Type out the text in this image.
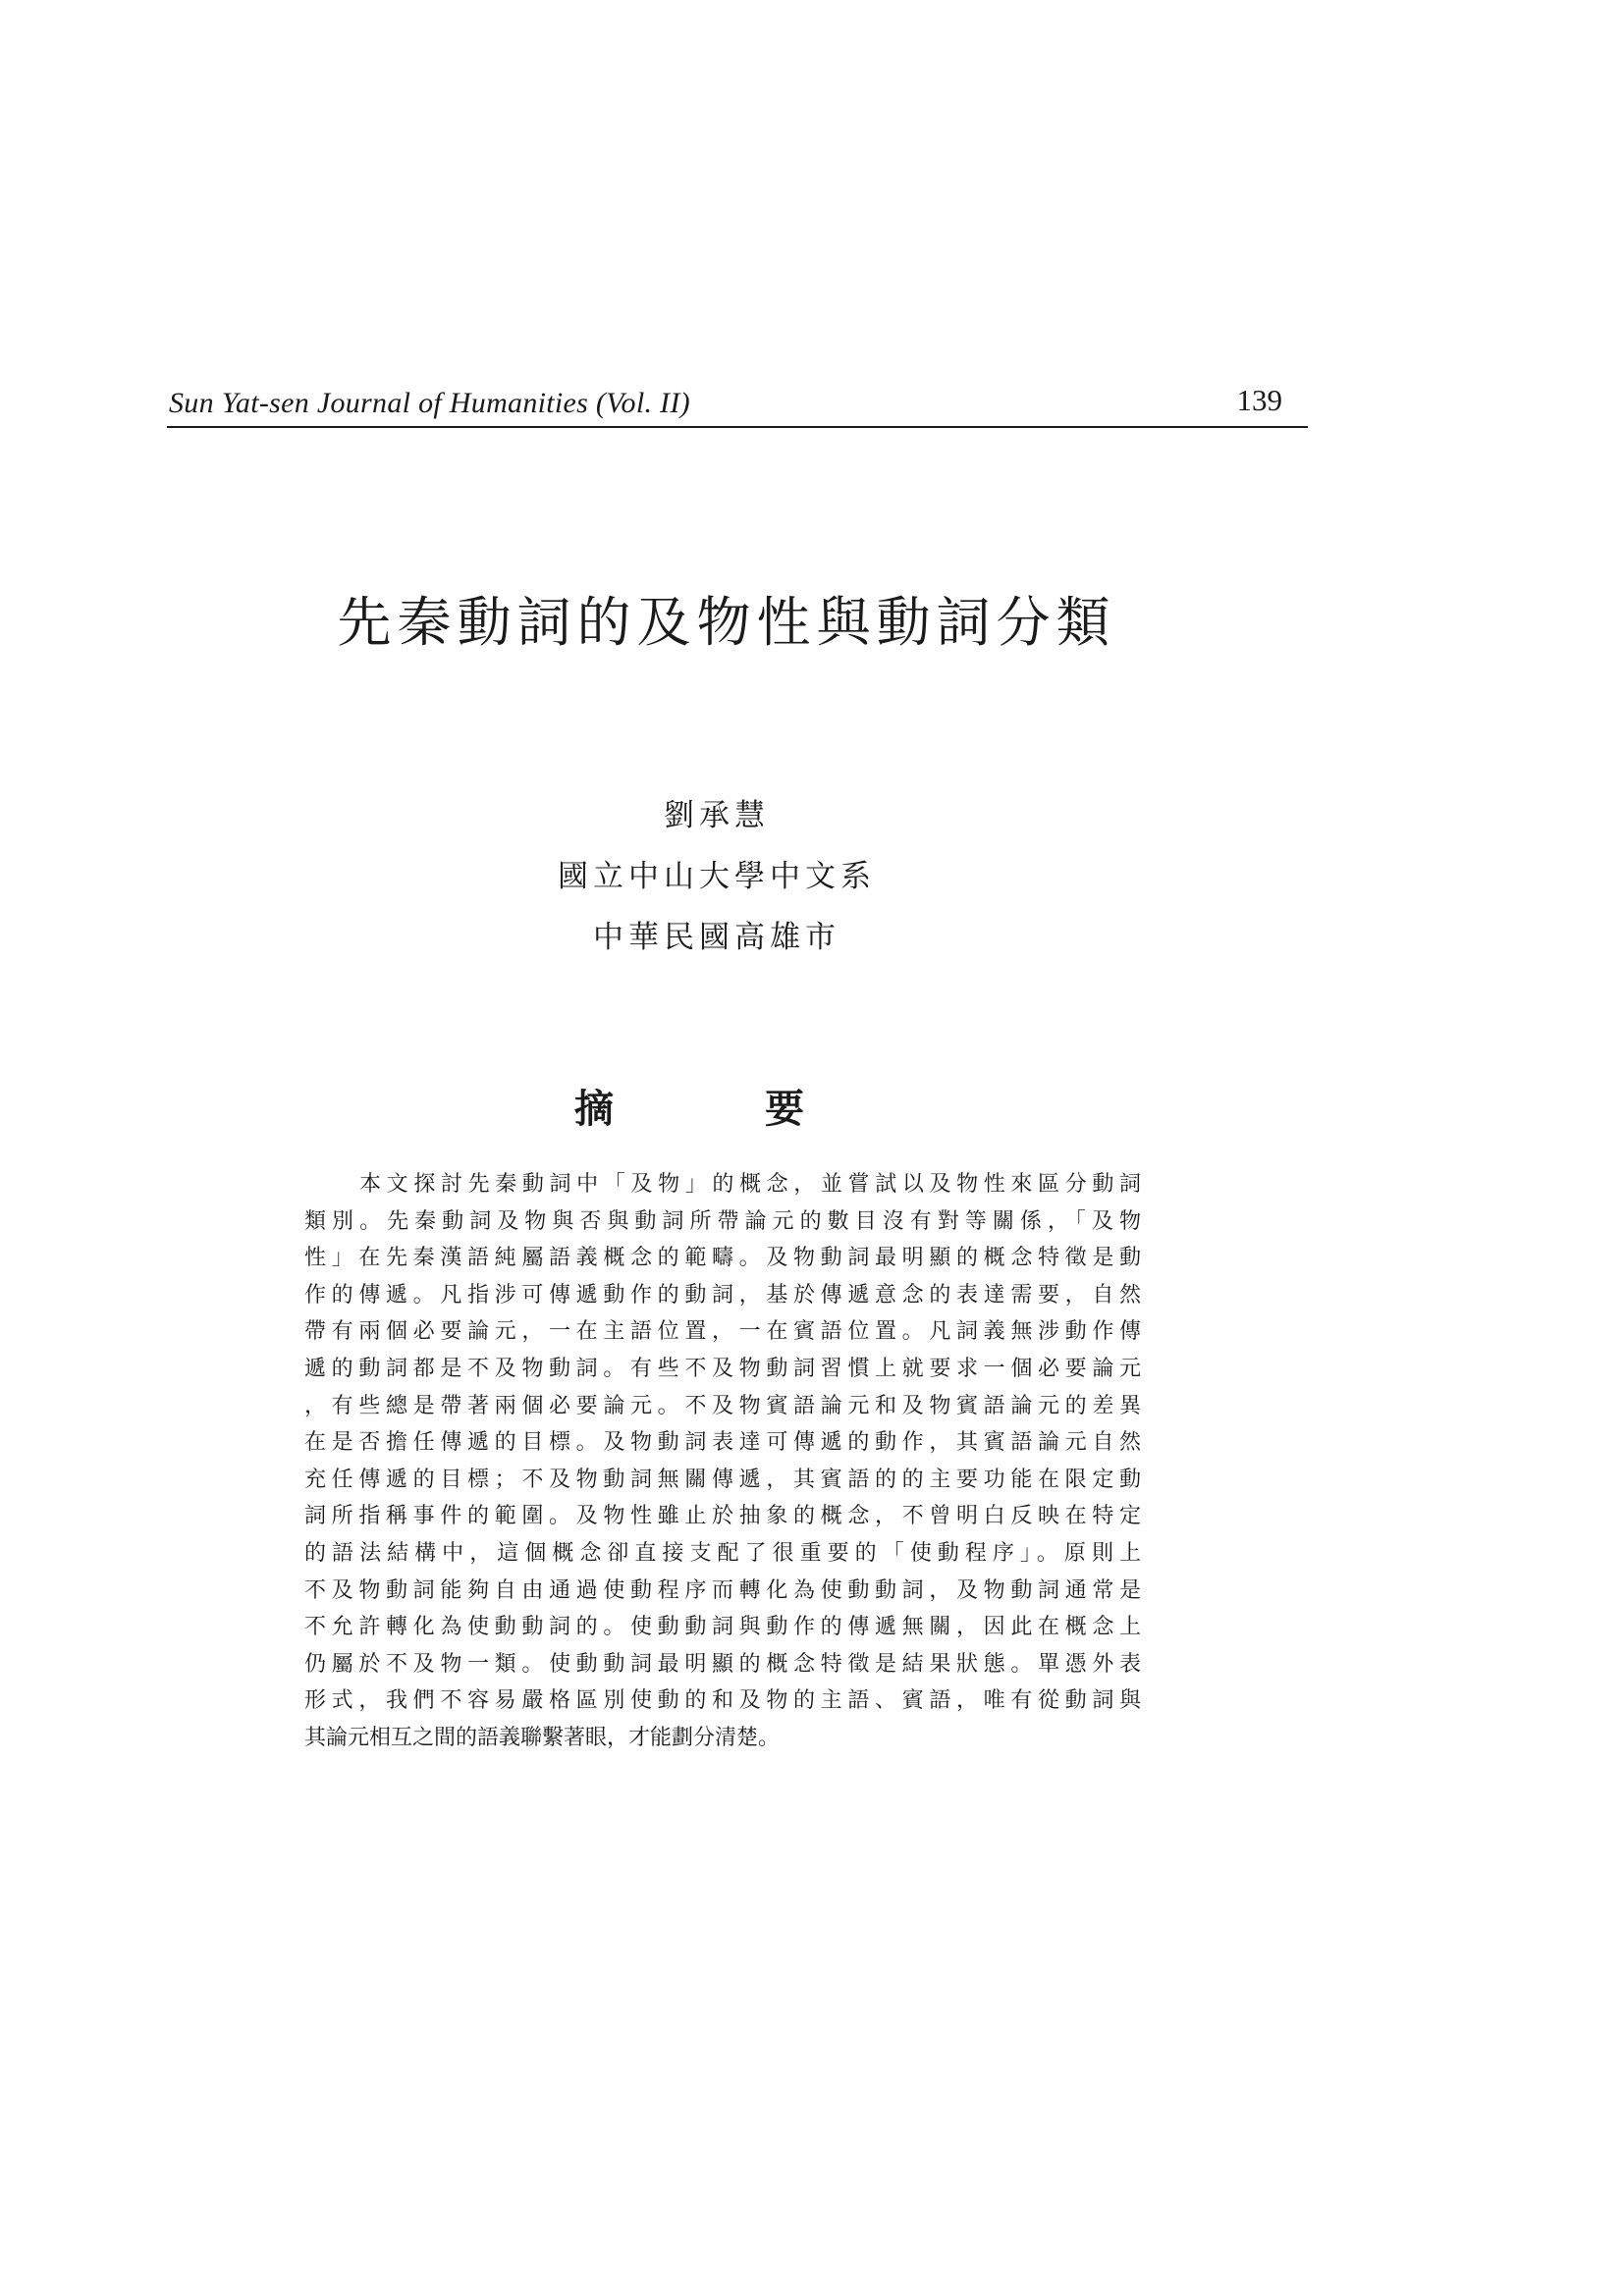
Sun Yat-sen Journal of Humanities (Vol. II)	139
先秦動詞的及物性與動詞分類
劉承慧
國立中山大學中文系
中華民國高雄市
摘 要
本文探討先秦動詞中「及物」的概念，並嘗試以及物性來區分動詞
類別。先秦動詞及物與否與動詞所帶論元的數目沒有對等關係，「及物
性」在先秦漢語純屬語義概念的範疇。及物動詞最明顯的概念特徵是動
作的傳遞。凡指涉可傳遞動作的動詞，基於傳遞意念的表達需要，自然
帶有兩個必要論元，一在主語位置，一在賓語位置。凡詞義無涉動作傳
遞的動詞都是不及物動詞。有些不及物動詞習慣上就要求一個必要論元
，有些總是帶著兩個必要論元。不及物賓語論元和及物賓語論元的差異
在是否擔任傳遞的目標。及物動詞表達可傳遞的動作，其賓語論元自然
充任傳遞的目標；不及物動詞無關傳遞，其賓語的的主要功能在限定動
詞所指稱事件的範圍。及物性雖止於抽象的概念，不曾明白反映在特定
的語法結構中，這個概念卻直接支配了很重要的「使動程序」。原則上
不及物動詞能夠自由通過使動程序而轉化為使動動詞，及物動詞通常是
不允許轉化為使動動詞的。使動動詞與動作的傳遞無關，因此在概念上
仍屬於不及物一類。使動動詞最明顯的概念特徵是結果狀態。單憑外表
形式，我們不容易嚴格區別使動的和及物的主語、賓語，唯有從動詞與
其論元相互之間的語義聯繫著眼，才能劃分清楚。
